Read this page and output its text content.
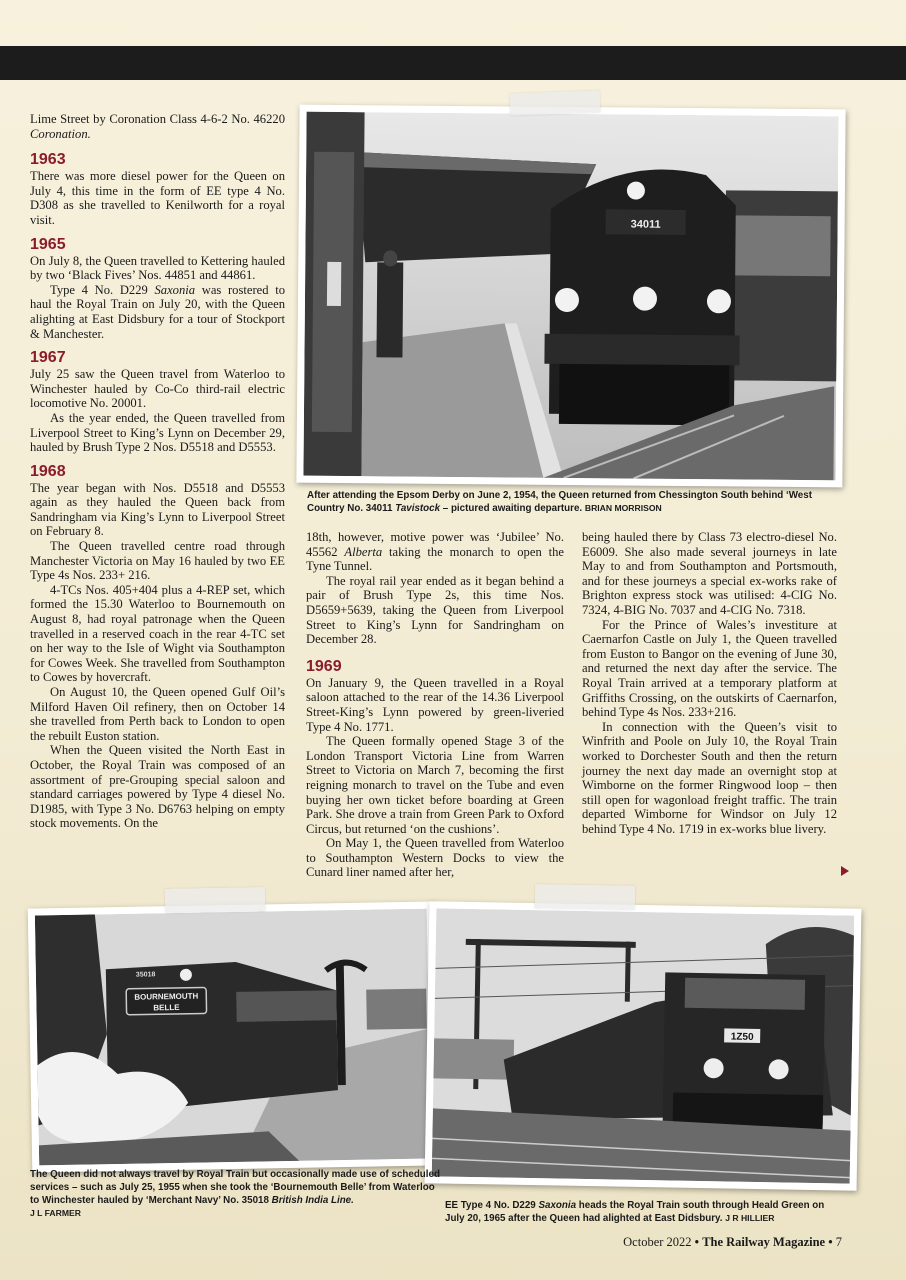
Lime Street by Coronation Class 4-6-2 No. 46220 Coronation.

1963

There was more diesel power for the Queen on July 4, this time in the form of EE type 4 No. D308 as she travelled to Kenilworth for a royal visit.

1965

On July 8, the Queen travelled to Kettering hauled by two ‘Black Fives’ Nos. 44851 and 44861.

Type 4 No. D229 Saxonia was rostered to haul the Royal Train on July 20, with the Queen alighting at East Didsbury for a tour of Stockport & Manchester.

1967

July 25 saw the Queen travel from Waterloo to Winchester hauled by Co-Co third-rail electric locomotive No. 20001.

As the year ended, the Queen travelled from Liverpool Street to King’s Lynn on December 29, hauled by Brush Type 2 Nos. D5518 and D5553.

1968

The year began with Nos. D5518 and D5553 again as they hauled the Queen back from Sandringham via King’s Lynn to Liverpool Street on February 8.

The Queen travelled centre road through Manchester Victoria on May 16 hauled by two EE Type 4s Nos. 233+ 216.

4-TCs Nos. 405+404 plus a 4-REP set, which formed the 15.30 Waterloo to Bournemouth on August 8, had royal patronage when the Queen travelled in a reserved coach in the rear 4-TC set on her way to the Isle of Wight via Southampton for Cowes Week. She travelled from Southampton to Cowes by hovercraft.

On August 10, the Queen opened Gulf Oil’s Milford Haven Oil refinery, then on October 14 she travelled from Perth back to London to open the rebuilt Euston station.

When the Queen visited the North East in October, the Royal Train was composed of an assortment of pre-Grouping special saloon and standard carriages powered by Type 4 diesel No. D1985, with Type 3 No. D6763 helping on empty stock movements. On the

34011
After attending the Epsom Derby on June 2, 1954, the Queen returned from Chessington South behind ‘West Country No. 34011 Tavistock – pictured awaiting departure. BRIAN MORRISON

18th, however, motive power was ‘Jubilee’ No. 45562 Alberta taking the monarch to open the Tyne Tunnel.

The royal rail year ended as it began behind a pair of Brush Type 2s, this time Nos. D5659+5639, taking the Queen from Liverpool Street to King’s Lynn for Sandringham on December 28.

1969

On January 9, the Queen travelled in a Royal saloon attached to the rear of the 14.36 Liverpool Street-King’s Lynn powered by green-liveried Type 4 No. 1771.

The Queen formally opened Stage 3 of the London Transport Victoria Line from Warren Street to Victoria on March 7, becoming the first reigning monarch to travel on the Tube and even buying her own ticket before boarding at Green Park. She drove a train from Green Park to Oxford Circus, but returned ‘on the cushions’.

On May 1, the Queen travelled from Waterloo to Southampton Western Docks to view the Cunard liner named after her,

being hauled there by Class 73 electro-diesel No. E6009. She also made several journeys in late May to and from Southampton and Portsmouth, and for these journeys a special ex-works rake of Brighton express stock was utilised: 4-CIG No. 7324, 4-BIG No. 7037 and 4-CIG No. 7318.

For the Prince of Wales’s investiture at Caernarfon Castle on July 1, the Queen travelled from Euston to Bangor on the evening of June 30, and returned the next day after the service. The Royal Train arrived at a temporary platform at Griffiths Crossing, on the outskirts of Caernarfon, behind Type 4s Nos. 233+216.

In connection with the Queen’s visit to Winfrith and Poole on July 10, the Royal Train worked to Dorchester South and then the return journey the next day made an overnight stop at Wimborne on the former Ringwood loop – then still open for wagonload freight traffic. The train departed Wimborne for Windsor on July 12 behind Type 4 No. 1719 in ex-works blue livery.

BOURNEMOUTH
BELLE
35018
1Z50
The Queen did not always travel by Royal Train but occasionally made use of scheduled services – such as July 25, 1955 when she took the ‘Bournemouth Belle’ from Waterloo to Winchester hauled by ‘Merchant Navy’ No. 35018 British India Line.
J L FARMER
EE Type 4 No. D229 Saxonia heads the Royal Train south through Heald Green on July 20, 1965 after the Queen had alighted at East Didsbury. J R HILLIER
October 2022 • The Railway Magazine • 7
